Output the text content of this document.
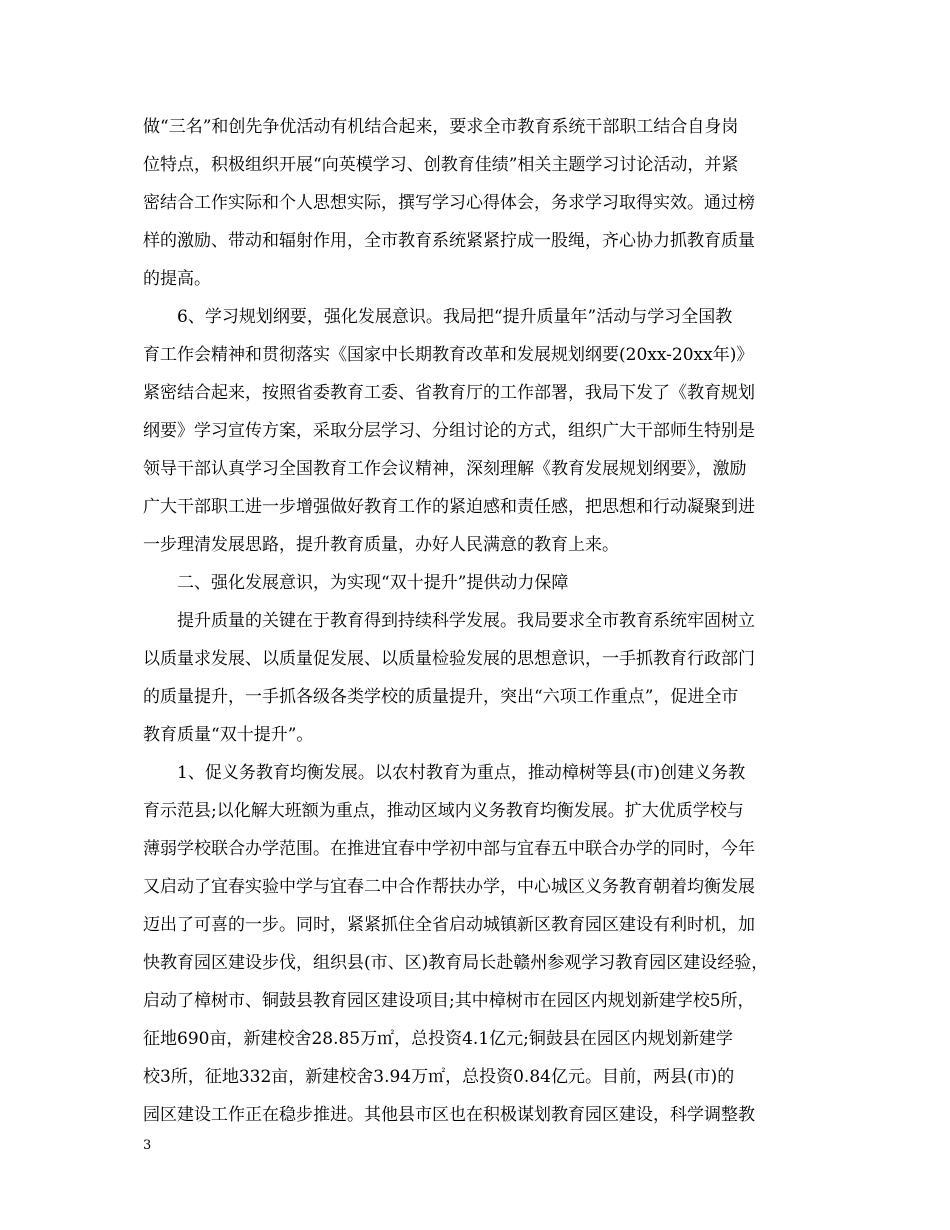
做“三名”和创先争优活动有机结合起来，要求全市教育系统干部职工结合自身岗
位特点，积极组织开展“向英模学习、创教育佳绩”相关主题学习讨论活动，并紧
密结合工作实际和个人思想实际，撰写学习心得体会，务求学习取得实效。通过榜
样的激励、带动和辐射作用，全市教育系统紧紧拧成一股绳，齐心协力抓教育质量
的提高。
6、学习规划纲要，强化发展意识。我局把“提升质量年”活动与学习全国教
育工作会精神和贯彻落实《国家中长期教育改革和发展规划纲要(20xx-20xx年)》
紧密结合起来，按照省委教育工委、省教育厅的工作部署，我局下发了《教育规划
纲要》学习宣传方案，采取分层学习、分组讨论的方式，组织广大干部师生特别是
领导干部认真学习全国教育工作会议精神，深刻理解《教育发展规划纲要》，激励
广大干部职工进一步增强做好教育工作的紧迫感和责任感，把思想和行动凝聚到进
一步理清发展思路，提升教育质量，办好人民满意的教育上来。
二、强化发展意识，为实现“双十提升”提供动力保障
提升质量的关键在于教育得到持续科学发展。我局要求全市教育系统牢固树立
以质量求发展、以质量促发展、以质量检验发展的思想意识，一手抓教育行政部门
的质量提升，一手抓各级各类学校的质量提升，突出“六项工作重点”，促进全市
教育质量“双十提升”。
1、促义务教育均衡发展。以农村教育为重点，推动樟树等县(市)创建义务教
育示范县;以化解大班额为重点，推动区域内义务教育均衡发展。扩大优质学校与
薄弱学校联合办学范围。在推进宜春中学初中部与宜春五中联合办学的同时，今年
又启动了宜春实验中学与宜春二中合作帮扶办学，中心城区义务教育朝着均衡发展
迈出了可喜的一步。同时，紧紧抓住全省启动城镇新区教育园区建设有利时机，加
快教育园区建设步伐，组织县(市、区)教育局长赴赣州参观学习教育园区建设经验，
启动了樟树市、铜鼓县教育园区建设项目;其中樟树市在园区内规划新建学校5所，
征地690亩，新建校舍28.85万㎡，总投资4.1亿元;铜鼓县在园区内规划新建学
校3所，征地332亩，新建校舍3.94万㎡，总投资0.84亿元。目前，两县(市)的
园区建设工作正在稳步推进。其他县市区也在积极谋划教育园区建设，科学调整教
3
